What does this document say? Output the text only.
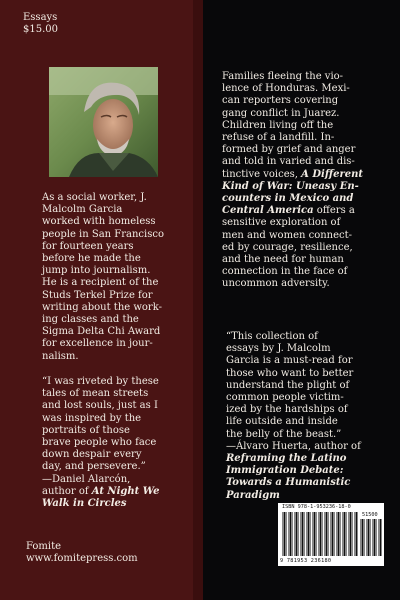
Essays
$15.00
As a social worker, J.
Malcolm Garcia
worked with homeless
people in San Francisco
for fourteen years
before he made the
jump into journalism.
He is a recipient of the
Studs Terkel Prize for
writing about the work-
ing classes and the
Sigma Delta Chi Award
for excellence in jour-
nalism.
“I was riveted by these
tales of mean streets
and lost souls, just as I
was inspired by the
portraits of those
brave people who face
down despair every
day, and persevere.”
—Daniel Alarcón,
author of At Night We
Walk in Circles
Fomite
www.fomitepress.com
Families fleeing the vio-
lence of Honduras. Mexi-
can reporters covering
gang conflict in Juarez.
Children living off the
refuse of a landfill. In-
formed by grief and anger
and told in varied and dis-
tinctive voices, A Different
Kind of War: Uneasy En-
counters in Mexico and
Central America offers a
sensitive exploration of
men and women connect-
ed by courage, resilience,
and the need for human
connection in the face of
uncommon adversity.
“This collection of
essays by J. Malcolm
Garcia is a must-read for
those who want to better
understand the plight of
common people victim-
ized by the hardships of
life outside and inside
the belly of the beast.”
—Álvaro Huerta, author of
Reframing the Latino
Immigration Debate:
Towards a Humanistic
Paradigm
ISBN 978-1-953236-18-0
51500
9 781953 236180
